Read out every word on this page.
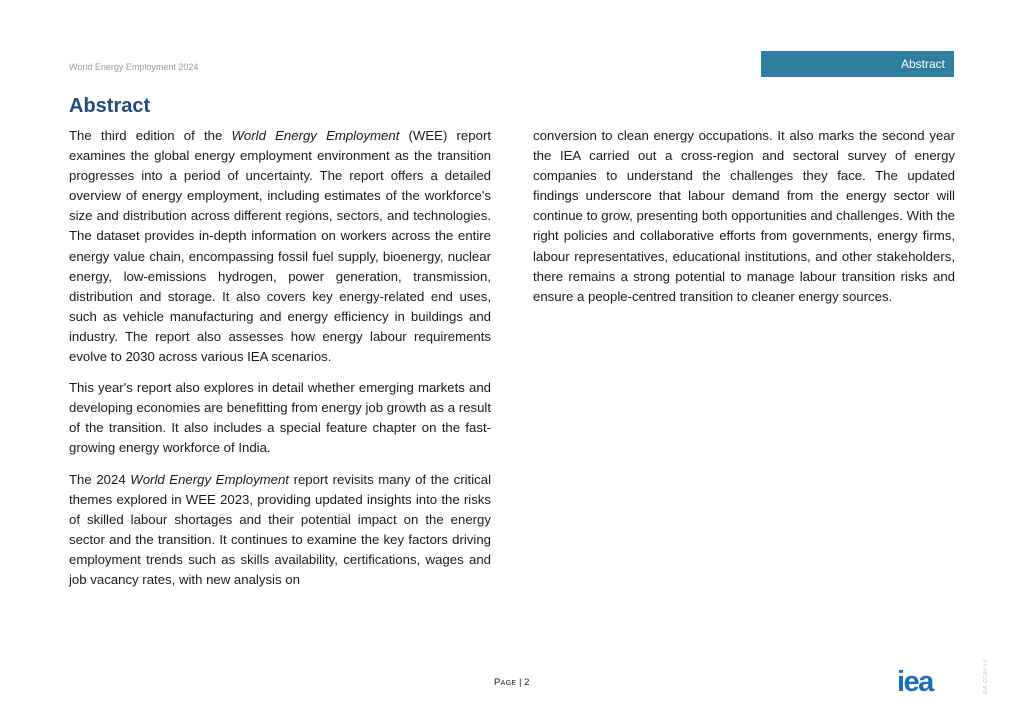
World Energy Employment 2024	Abstract
Abstract

The third edition of the World Energy Employment (WEE) report examines the global energy employment environment as the transition progresses into a period of uncertainty. The report offers a detailed overview of energy employment, including estimates of the workforce's size and distribution across different regions, sectors, and technologies. The dataset provides in-depth information on workers across the entire energy value chain, encompassing fossil fuel supply, bioenergy, nuclear energy, low-emissions hydrogen, power generation, transmission, distribution and storage. It also covers key energy-related end uses, such as vehicle manufacturing and energy efficiency in buildings and industry. The report also assesses how energy labour requirements evolve to 2030 across various IEA scenarios.

This year's report also explores in detail whether emerging markets and developing economies are benefitting from energy job growth as a result of the transition. It also includes a special feature chapter on the fast-growing energy workforce of India.

The 2024 World Energy Employment report revisits many of the critical themes explored in WEE 2023, providing updated insights into the risks of skilled labour shortages and their potential impact on the energy sector and the transition. It continues to examine the key factors driving employment trends such as skills availability, certifications, wages and job vacancy rates, with new analysis on

conversion to clean energy occupations. It also marks the second year the IEA carried out a cross-region and sectoral survey of energy companies to understand the challenges they face. The updated findings underscore that labour demand from the energy sector will continue to grow, presenting both opportunities and challenges. With the right policies and collaborative efforts from governments, energy firms, labour representatives, educational institutions, and other stakeholders, there remains a strong potential to manage labour transition risks and ensure a people-centred transition to cleaner energy sources.

Page | 2	iea	IEA. CC BY 4.0.
